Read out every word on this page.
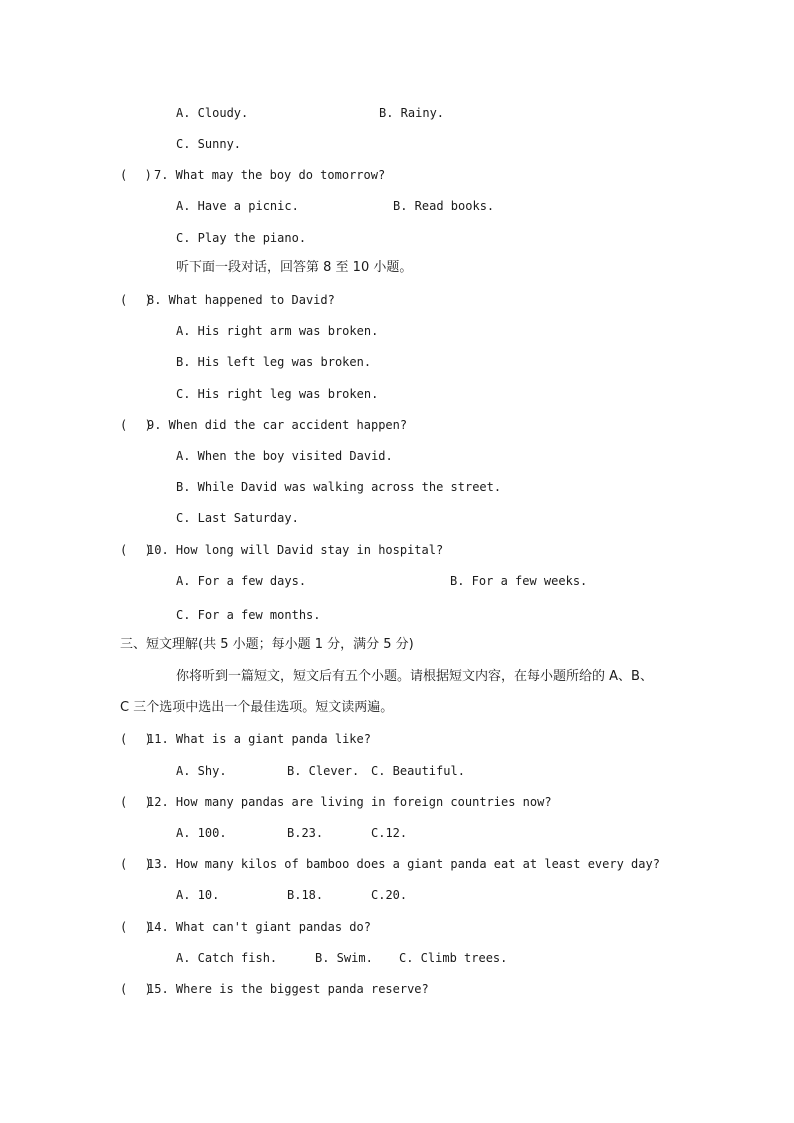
A. Cloudy.	B. Rainy.
C. Sunny.
(  ) 7. What may the boy do tomorrow?
A. Have a picnic.	B. Read books.
C. Play the piano.
听下面一段对话，回答第 8 至 10 小题。
(  )
8. What happened to David?
A. His right arm was broken.
B. His left leg was broken.
C. His right leg was broken.
(  )
9. When did the car accident happen?
A. When the boy visited David.
B. While David was walking across the street.
C. Last Saturday.
(  )
10. How long will David stay in hospital?
A. For a few days.	B. For a few weeks.
C. For a few months.
三、短文理解(共 5 小题；每小题 1 分，满分 5 分)
你将听到一篇短文，短文后有五个小题。请根据短文内容，在每小题所给的 A、B、
C 三个选项中选出一个最佳选项。短文读两遍。
(  )
11. What is a giant panda like?
A. Shy.	B. Clever. C. Beautiful.
(  )
12. How many pandas are living in foreign countries now?
A. 100.	B.23.	C.12.
(  )
13. How many kilos of bamboo does a giant panda eat at least every day?
A. 10.	B.18.	C.20.
(  )
14. What can't giant pandas do?
A. Catch fish.	B. Swim. C. Climb trees.
(  )
15. Where is the biggest panda reserve?
